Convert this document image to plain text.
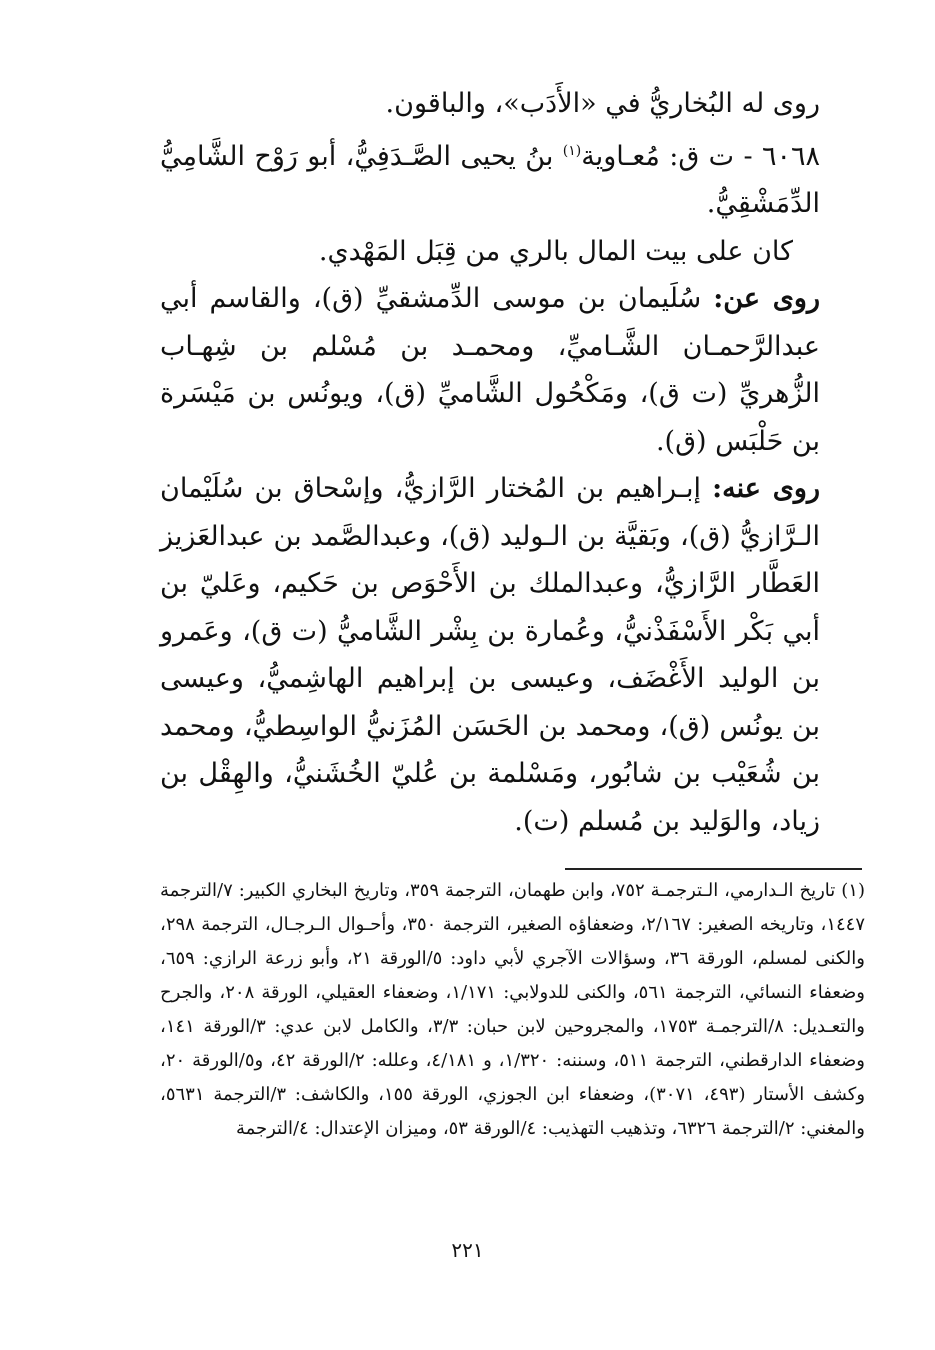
روى له البُخاريُّ في «الأَدَب»، والباقون.

٦٠٦٨ - ت ق: مُعـاوية$^{(١)}$ بنُ يحيى الصَّـدَفِيُّ، أبو رَوْح الشَّامِيُّ الدِّمَشْقِيُّ.

كان على بيت المال بالري من قِبَل المَهْدي.

روى عن: سُلَيمان بن موسى الدِّمشقيِّ (ق)، والقاسم أبي عبدالرَّحمـان الشَّـاميِّ، ومحمـد بن مُسْلم بن شِهـاب الزُّهريِّ (ت ق)، ومَكْحُول الشَّاميِّ (ق)، ويونُس بن مَيْسَرة بن حَلْبَس (ق).

روى عنه: إبـراهيم بن المُختار الرَّازيُّ، وإسْحاق بن سُلَيْمان الـرَّازيُّ (ق)، وبَقيَّة بن الـوليد (ق)، وعبدالصَّمد بن عبدالعَزيز العَطَّار الرَّازيُّ، وعبدالملك بن الأَحْوَص بن حَكيم، وعَليّ بن أبي بَكْر الأَسْفَذْنيُّ، وعُمارة بن بِشْر الشَّاميُّ (ت ق)، وعَمرو بن الوليد الأَغْضَف، وعيسى بن إبراهيم الهاشِميُّ، وعيسى بن يونُس (ق)، ومحمد بن الحَسَن المُزَنيُّ الواسِطيُّ، ومحمد بن شُعَيْب بن شابُور، ومَسْلمة بن عُليّ الخُشَنيُّ، والهِقْل بن زياد، والوَليد بن مُسلم (ت).

(١) تاريخ الـدارمي، الـترجمـة ٧٥٢، وابن طهمان، الترجمة ٣٥٩، وتاريخ البخاري الكبير: ٧/الترجمة ١٤٤٧، وتاريخه الصغير: ٢/١٦٧، وضعفاؤه الصغير، الترجمة ٣٥٠، وأحـوال الـرجـال، الترجمة ٢٩٨، والكنى لمسلم، الورقة ٣٦، وسؤالات الآجري لأبي داود: ٥/الورقة ٢١، وأبو زرعة الرازي: ٦٥٩، وضعفاء النسائي، الترجمة ٥٦١، والكنى للدولابي: ١/١٧١، وضعفاء العقيلي، الورقة ٢٠٨، والجرح والتعـديل: ٨/الترجمـة ١٧٥٣، والمجروحين لابن حبان: ٣/٣، والكامل لابن عدي: ٣/الورقة ١٤١، وضعفاء الدارقطني، الترجمة ٥١١، وسننه: ١/٣٢٠، و ٤/١٨١، وعلله: ٢/الورقة ٤٢، و٥/الورقة ٢٠، وكشف الأستار (٤٩٣، ٣٠٧١)، وضعفاء ابن الجوزي، الورقة ١٥٥، والكاشف: ٣/الترجمة ٥٦٣١، والمغني: ٢/الترجمة ٦٣٢٦، وتذهيب التهذيب: ٤/الورقة ٥٣، وميزان الإعتدال: ٤/الترجمة

٢٢١
